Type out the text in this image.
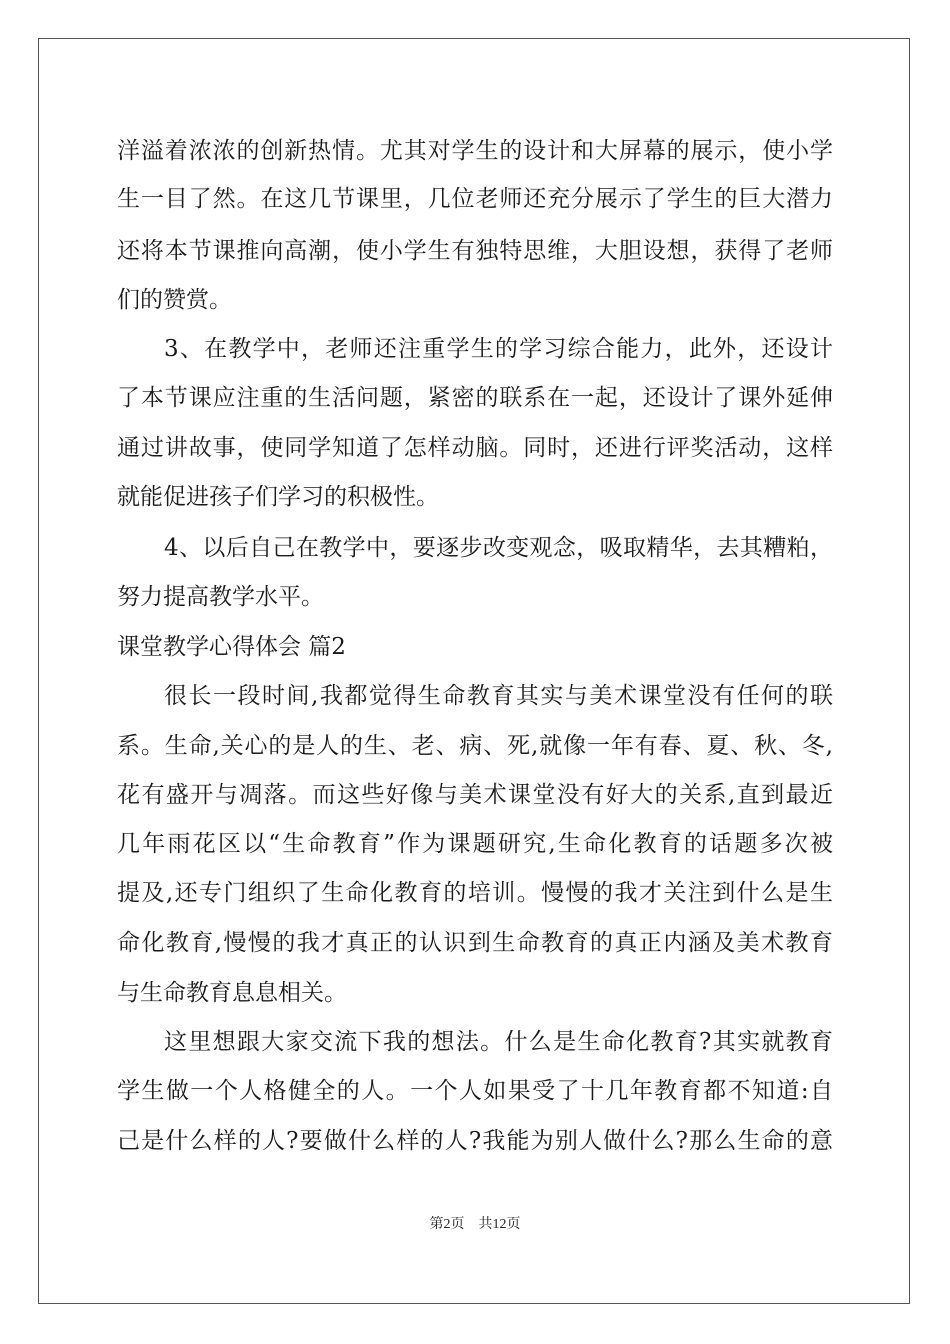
洋溢着浓浓的创新热情。尤其对学生的设计和大屏幕的展示，使小学
生一目了然。在这几节课里，几位老师还充分展示了学生的巨大潜力
还将本节课推向高潮，使小学生有独特思维，大胆设想，获得了老师
们的赞赏。
3、在教学中，老师还注重学生的学习综合能力，此外，还设计
了本节课应注重的生活问题，紧密的联系在一起，还设计了课外延伸
通过讲故事，使同学知道了怎样动脑。同时，还进行评奖活动，这样
就能促进孩子们学习的积极性。
4、以后自己在教学中，要逐步改变观念，吸取精华，去其糟粕，
努力提高教学水平。
课堂教学心得体会 篇2
很长一段时间,我都觉得生命教育其实与美术课堂没有任何的联
系。生命,关心的是人的生、老、病、死,就像一年有春、夏、秋、冬,
花有盛开与凋落。而这些好像与美术课堂没有好大的关系,直到最近
几年雨花区以“生命教育”作为课题研究,生命化教育的话题多次被
提及,还专门组织了生命化教育的培训。慢慢的我才关注到什么是生
命化教育,慢慢的我才真正的认识到生命教育的真正内涵及美术教育
与生命教育息息相关。
这里想跟大家交流下我的想法。什么是生命化教育?其实就教育
学生做一个人格健全的人。一个人如果受了十几年教育都不知道:自
己是什么样的人?要做什么样的人?我能为别人做什么?那么生命的意
第2页 共12页
